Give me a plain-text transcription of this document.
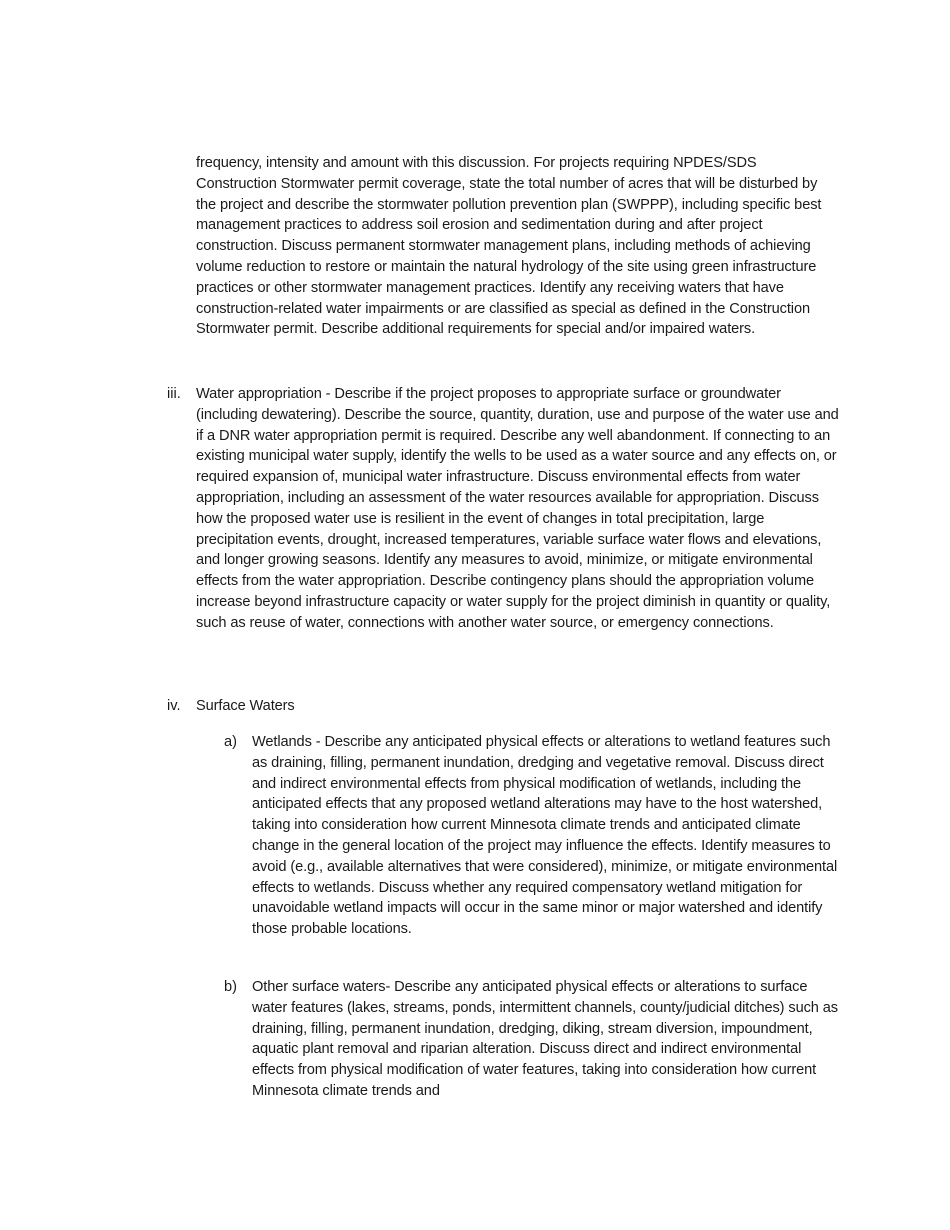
frequency, intensity and amount with this discussion. For projects requiring NPDES/SDS Construction Stormwater permit coverage, state the total number of acres that will be disturbed by the project and describe the stormwater pollution prevention plan (SWPPP), including specific best management practices to address soil erosion and sedimentation during and after project construction. Discuss permanent stormwater management plans, including methods of achieving volume reduction to restore or maintain the natural hydrology of the site using green infrastructure practices or other stormwater management practices. Identify any receiving waters that have construction-related water impairments or are classified as special as defined in the Construction Stormwater permit. Describe additional requirements for special and/or impaired waters.

iii. Water appropriation - Describe if the project proposes to appropriate surface or groundwater (including dewatering). Describe the source, quantity, duration, use and purpose of the water use and if a DNR water appropriation permit is required. Describe any well abandonment. If connecting to an existing municipal water supply, identify the wells to be used as a water source and any effects on, or required expansion of, municipal water infrastructure. Discuss environmental effects from water appropriation, including an assessment of the water resources available for appropriation. Discuss how the proposed water use is resilient in the event of changes in total precipitation, large precipitation events, drought, increased temperatures, variable surface water flows and elevations, and longer growing seasons. Identify any measures to avoid, minimize, or mitigate environmental effects from the water appropriation. Describe contingency plans should the appropriation volume increase beyond infrastructure capacity or water supply for the project diminish in quantity or quality, such as reuse of water, connections with another water source, or emergency connections.

iv. Surface Waters

a) Wetlands - Describe any anticipated physical effects or alterations to wetland features such as draining, filling, permanent inundation, dredging and vegetative removal. Discuss direct and indirect environmental effects from physical modification of wetlands, including the anticipated effects that any proposed wetland alterations may have to the host watershed, taking into consideration how current Minnesota climate trends and anticipated climate change in the general location of the project may influence the effects. Identify measures to avoid (e.g., available alternatives that were considered), minimize, or mitigate environmental effects to wetlands. Discuss whether any required compensatory wetland mitigation for unavoidable wetland impacts will occur in the same minor or major watershed and identify those probable locations.

b) Other surface waters- Describe any anticipated physical effects or alterations to surface water features (lakes, streams, ponds, intermittent channels, county/judicial ditches) such as draining, filling, permanent inundation, dredging, diking, stream diversion, impoundment, aquatic plant removal and riparian alteration. Discuss direct and indirect environmental effects from physical modification of water features, taking into consideration how current Minnesota climate trends and
